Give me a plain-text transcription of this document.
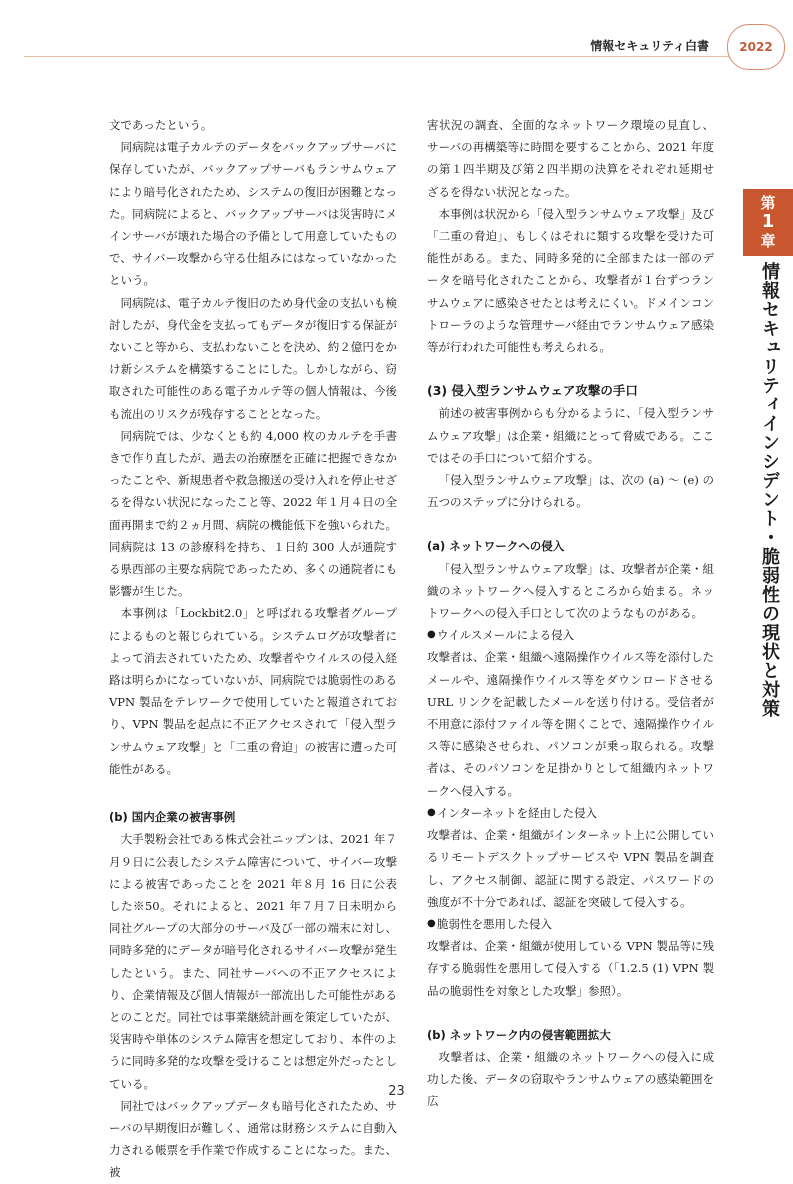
情報セキュリティ白書	2022
第
1
章
情報セキュリティインシデント・脆弱性の現状と対策

文であったという。

同病院は電子カルテのデータをバックアップサーバに保存していたが、バックアップサーバもランサムウェアにより暗号化されたため、システムの復旧が困難となった。同病院によると、バックアップサーバは災害時にメインサーバが壊れた場合の予備として用意していたもので、サイバー攻撃から守る仕組みにはなっていなかったという。

同病院は、電子カルテ復旧のため身代金の支払いも検討したが、身代金を支払ってもデータが復旧する保証がないこと等から、支払わないことを決め、約２億円をかけ新システムを構築することにした。しかしながら、窃取された可能性のある電子カルテ等の個人情報は、今後も流出のリスクが残存することとなった。

同病院では、少なくとも約 4,000 枚のカルテを手書きで作り直したが、過去の治療歴を正確に把握できなかったことや、新規患者や救急搬送の受け入れを停止せざるを得ない状況になったこと等、2022 年１月４日の全面再開まで約２ヵ月間、病院の機能低下を強いられた。同病院は 13 の診療科を持ち、１日約 300 人が通院する県西部の主要な病院であったため、多くの通院者にも影響が生じた。

本事例は「Lockbit2.0」と呼ばれる攻撃者グループによるものと報じられている。システムログが攻撃者によって消去されていたため、攻撃者やウイルスの侵入経路は明らかになっていないが、同病院では脆弱性のある VPN 製品をテレワークで使用していたと報道されており、VPN 製品を起点に不正アクセスされて「侵入型ランサムウェア攻撃」と「二重の脅迫」の被害に遭った可能性がある。

(b) 国内企業の被害事例

大手製粉会社である株式会社ニップンは、2021 年７月９日に公表したシステム障害について、サイバー攻撃による被害であったことを 2021 年８月 16 日に公表した※50。それによると、2021 年７月７日未明から同社グループの大部分のサーバ及び一部の端末に対し、同時多発的にデータが暗号化されるサイバー攻撃が発生したという。また、同社サーバへの不正アクセスにより、企業情報及び個人情報が一部流出した可能性があるとのことだ。同社では事業継続計画を策定していたが、災害時や単体のシステム障害を想定しており、本件のように同時多発的な攻撃を受けることは想定外だったとしている。

同社ではバックアップデータも暗号化されたため、サーバの早期復旧が難しく、通常は財務システムに自動入力される帳票を手作業で作成することになった。また、被

害状況の調査、全面的なネットワーク環境の見直し、サーバの再構築等に時間を要することから、2021 年度の第１四半期及び第２四半期の決算をそれぞれ延期せざるを得ない状況となった。

本事例は状況から「侵入型ランサムウェア攻撃」及び「二重の脅迫」、もしくはそれに類する攻撃を受けた可能性がある。また、同時多発的に全部または一部のデータを暗号化されたことから、攻撃者が１台ずつランサムウェアに感染させたとは考えにくい。ドメインコントローラのような管理サーバ経由でランサムウェア感染等が行われた可能性も考えられる。

(3) 侵入型ランサムウェア攻撃の手口

前述の被害事例からも分かるように、「侵入型ランサムウェア攻撃」は企業・組織にとって脅威である。ここではその手口について紹介する。

「侵入型ランサムウェア攻撃」は、次の (a) ～ (e) の五つのステップに分けられる。

(a) ネットワークへの侵入

「侵入型ランサムウェア攻撃」は、攻撃者が企業・組織のネットワークへ侵入するところから始まる。ネットワークへの侵入手口として次のようなものがある。

● ウイルスメールによる侵入

攻撃者は、企業・組織へ遠隔操作ウイルス等を添付したメールや、遠隔操作ウイルス等をダウンロードさせる URL リンクを記載したメールを送り付ける。受信者が不用意に添付ファイル等を開くことで、遠隔操作ウイルス等に感染させられ、パソコンが乗っ取られる。攻撃者は、そのパソコンを足掛かりとして組織内ネットワークへ侵入する。

● インターネットを経由した侵入

攻撃者は、企業・組織がインターネット上に公開しているリモートデスクトップサービスや VPN 製品を調査し、アクセス制御、認証に関する設定、パスワードの強度が不十分であれば、認証を突破して侵入する。

● 脆弱性を悪用した侵入

攻撃者は、企業・組織が使用している VPN 製品等に残存する脆弱性を悪用して侵入する（「1.2.5 (1) VPN 製品の脆弱性を対象とした攻撃」参照）。

(b) ネットワーク内の侵害範囲拡大

攻撃者は、企業・組織のネットワークへの侵入に成功した後、データの窃取やランサムウェアの感染範囲を広

23
